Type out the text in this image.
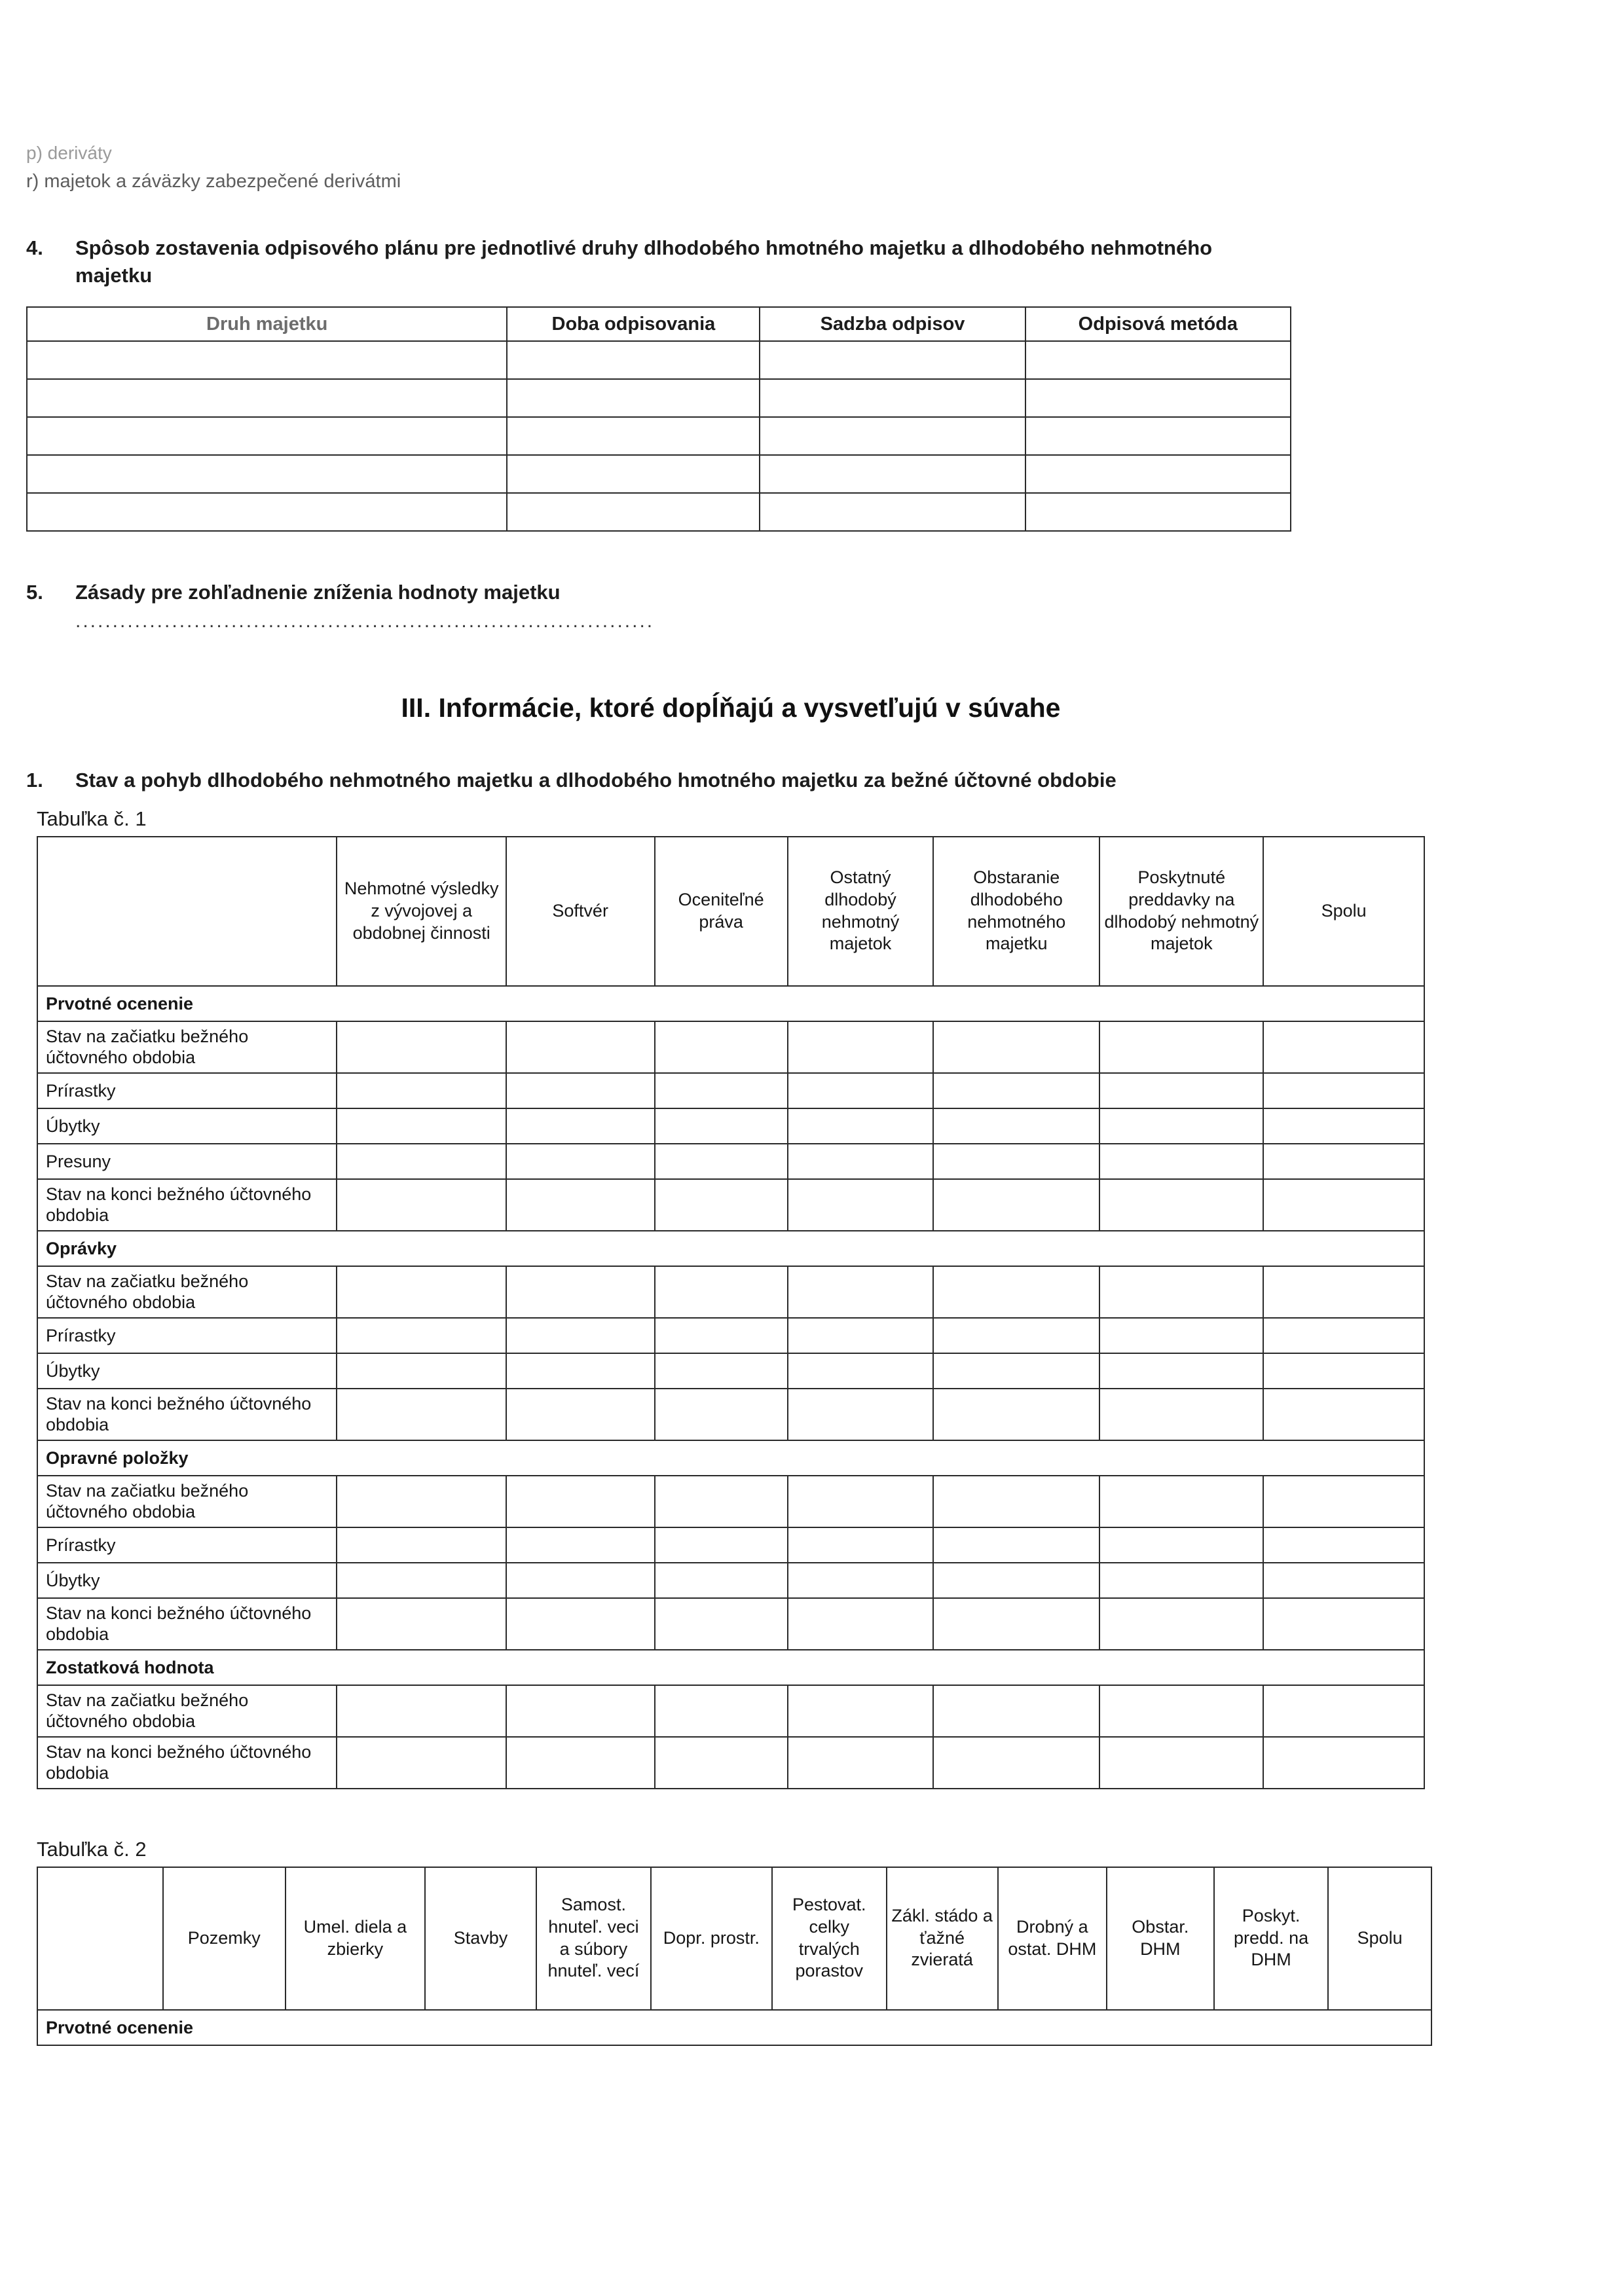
p) deriváty
r) majetok a záväzky zabezpečené derivátmi
4.	Spôsob zostavenia odpisového plánu pre jednotlivé druhy dlhodobého hmotného majetku a dlhodobého nehmotného majetku
Druh majetku	Doba odpisovania	Sadzba odpisov	Odpisová metóda

5.	Zásady pre zohľadnenie zníženia hodnoty majetku
..............................................................................
III. Informácie, ktoré dopĺňajú a vysvetľujú v súvahe
1.	Stav a pohyb dlhodobého nehmotného majetku a dlhodobého hmotného majetku za bežné účtovné obdobie
Tabuľka č. 1
	Nehmotné výsledky z vývojovej a obdobnej činnosti	Softvér	Oceniteľné práva	Ostatný dlhodobý nehmotný majetok	Obstaranie dlhodobého nehmotného majetku	Poskytnuté preddavky na dlhodobý nehmotný majetok	Spolu
Prvotné ocenenie							
Stav na začiatku bežného účtovného obdobia							
Prírastky							
Úbytky							
Presuny							
Stav na konci bežného účtovného obdobia							
Oprávky							
Stav na začiatku bežného účtovného obdobia							
Prírastky							
Úbytky							
Stav na konci bežného účtovného obdobia							
Opravné položky							
Stav na začiatku bežného účtovného obdobia							
Prírastky							
Úbytky							
Stav na konci bežného účtovného obdobia							
Zostatková hodnota							
Stav na začiatku bežného účtovného obdobia							
Stav na konci bežného účtovného obdobia							
Tabuľka č. 2
	Pozemky	Umel. diela a zbierky	Stavby	Samost. hnuteľ. veci a súbory hnuteľ. vecí	Dopr. prostr.	Pestovat. celky trvalých porastov	Zákl. stádo a ťažné zvieratá	Drobný a ostat. DHM	Obstar. DHM	Poskyt. predd. na DHM	Spolu
Prvotné ocenenie
